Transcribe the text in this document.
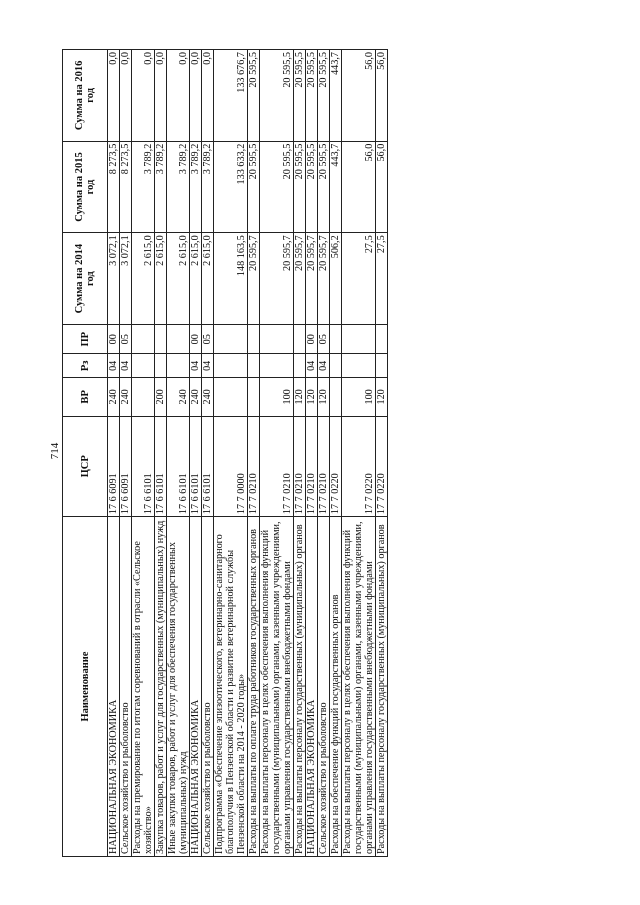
714
Наименование	ЦСР	ВР	Рз	ПР	Сумма на 2014 год	Сумма на 2015 год	Сумма на 2016 год
НАЦИОНАЛЬНАЯ ЭКОНОМИКА	17 6 6091	240	04	00	3 072,1	8 273,5	0,0
Сельское хозяйство и рыболовство	17 6 6091	240	04	05	3 072,1	8 273,5	0,0
Расходы на премирование по итогам соревнований в отрасли «Сельское хозяйство»	17 6 6101				2 615,0	3 789,2	0,0
Закупка товаров, работ и услуг для государственных (муниципальных) нужд	17 6 6101	200			2 615,0	3 789,2	0,0
Иные закупки товаров, работ и услуг для обеспечения государственных (муниципальных) нужд	17 6 6101	240			2 615,0	3 789,2	0,0
НАЦИОНАЛЬНАЯ ЭКОНОМИКА	17 6 6101	240	04	00	2 615,0	3 789,2	0,0
Сельское хозяйство и рыболовство	17 6 6101	240	04	05	2 615,0	3 789,2	0,0
Подпрограмма «Обеспечение эпизоотического, ветеринарно-санитарного благополучия в Пензенской области и развитие ветеринарной службы Пензенской области на 2014 - 2020 годы»	17 7 0000				148 163,5	133 633,2	133 676,7
Расходы на выплаты по оплате труда работников государственных органов	17 7 0210				20 595,7	20 595,5	20 595,5
Расходы на выплаты персоналу в целях обеспечения выполнения функций государственными (муниципальными) органами, казенными учреждениями, органами управления государственными внебюджетными фондами	17 7 0210	100			20 595,7	20 595,5	20 595,5
Расходы на выплаты персоналу государственных (муниципальных) органов	17 7 0210	120			20 595,7	20 595,5	20 595,5
НАЦИОНАЛЬНАЯ ЭКОНОМИКА	17 7 0210	120	04	00	20 595,7	20 595,5	20 595,5
Сельское хозяйство и рыболовство	17 7 0210	120	04	05	20 595,7	20 595,5	20 595,5
Расходы на обеспечение функций государственных органов	17 7 0220				506,2	443,7	443,7
Расходы на выплаты персоналу в целях обеспечения выполнения функций государственными (муниципальными) органами, казенными учреждениями, органами управления государственными внебюджетными фондами	17 7 0220	100			27,5	56,0	56,0
Расходы на выплаты персоналу государственных (муниципальных) органов	17 7 0220	120			27,5	56,0	56,0
